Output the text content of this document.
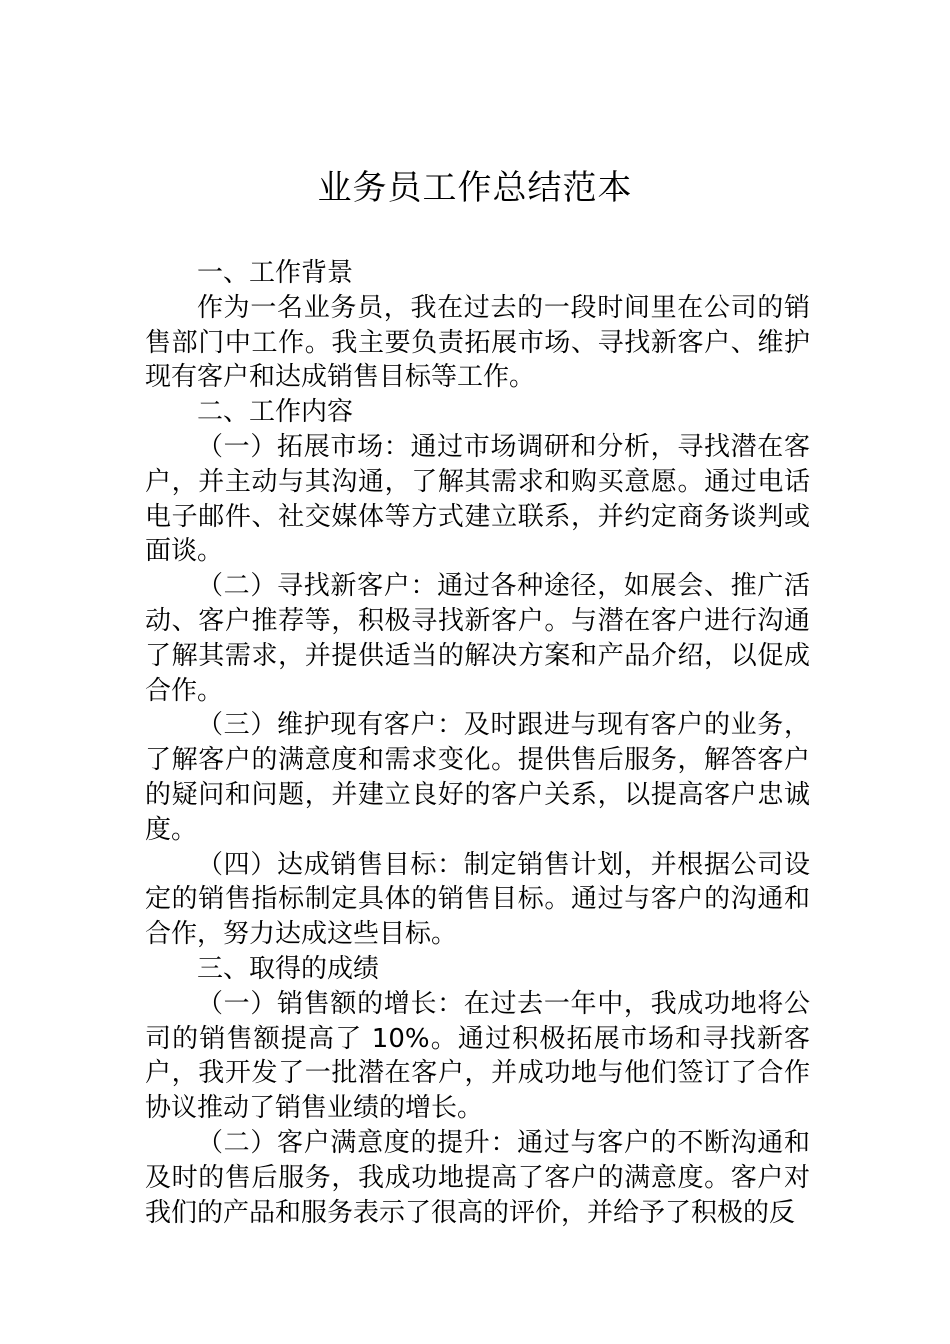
业务员工作总结范本

一、工作背景

作为一名业务员，我在过去的一段时间里在公司的销售部门中工作。我主要负责拓展市场、寻找新客户、维护现有客户和达成销售目标等工作。

二、工作内容

（一）拓展市场：通过市场调研和分析，寻找潜在客户，并主动与其沟通，了解其需求和购买意愿。通过电话电子邮件、社交媒体等方式建立联系，并约定商务谈判或面谈。

（二）寻找新客户：通过各种途径，如展会、推广活动、客户推荐等，积极寻找新客户。与潜在客户进行沟通了解其需求，并提供适当的解决方案和产品介绍，以促成合作。

（三）维护现有客户：及时跟进与现有客户的业务，了解客户的满意度和需求变化。提供售后服务，解答客户的疑问和问题，并建立良好的客户关系，以提高客户忠诚度。

（四）达成销售目标：制定销售计划，并根据公司设定的销售指标制定具体的销售目标。通过与客户的沟通和合作，努力达成这些目标。

三、取得的成绩

（一）销售额的增长：在过去一年中，我成功地将公司的销售额提高了 10%。通过积极拓展市场和寻找新客户，我开发了一批潜在客户，并成功地与他们签订了合作协议推动了销售业绩的增长。

（二）客户满意度的提升：通过与客户的不断沟通和及时的售后服务，我成功地提高了客户的满意度。客户对我们的产品和服务表示了很高的评价，并给予了积极的反
